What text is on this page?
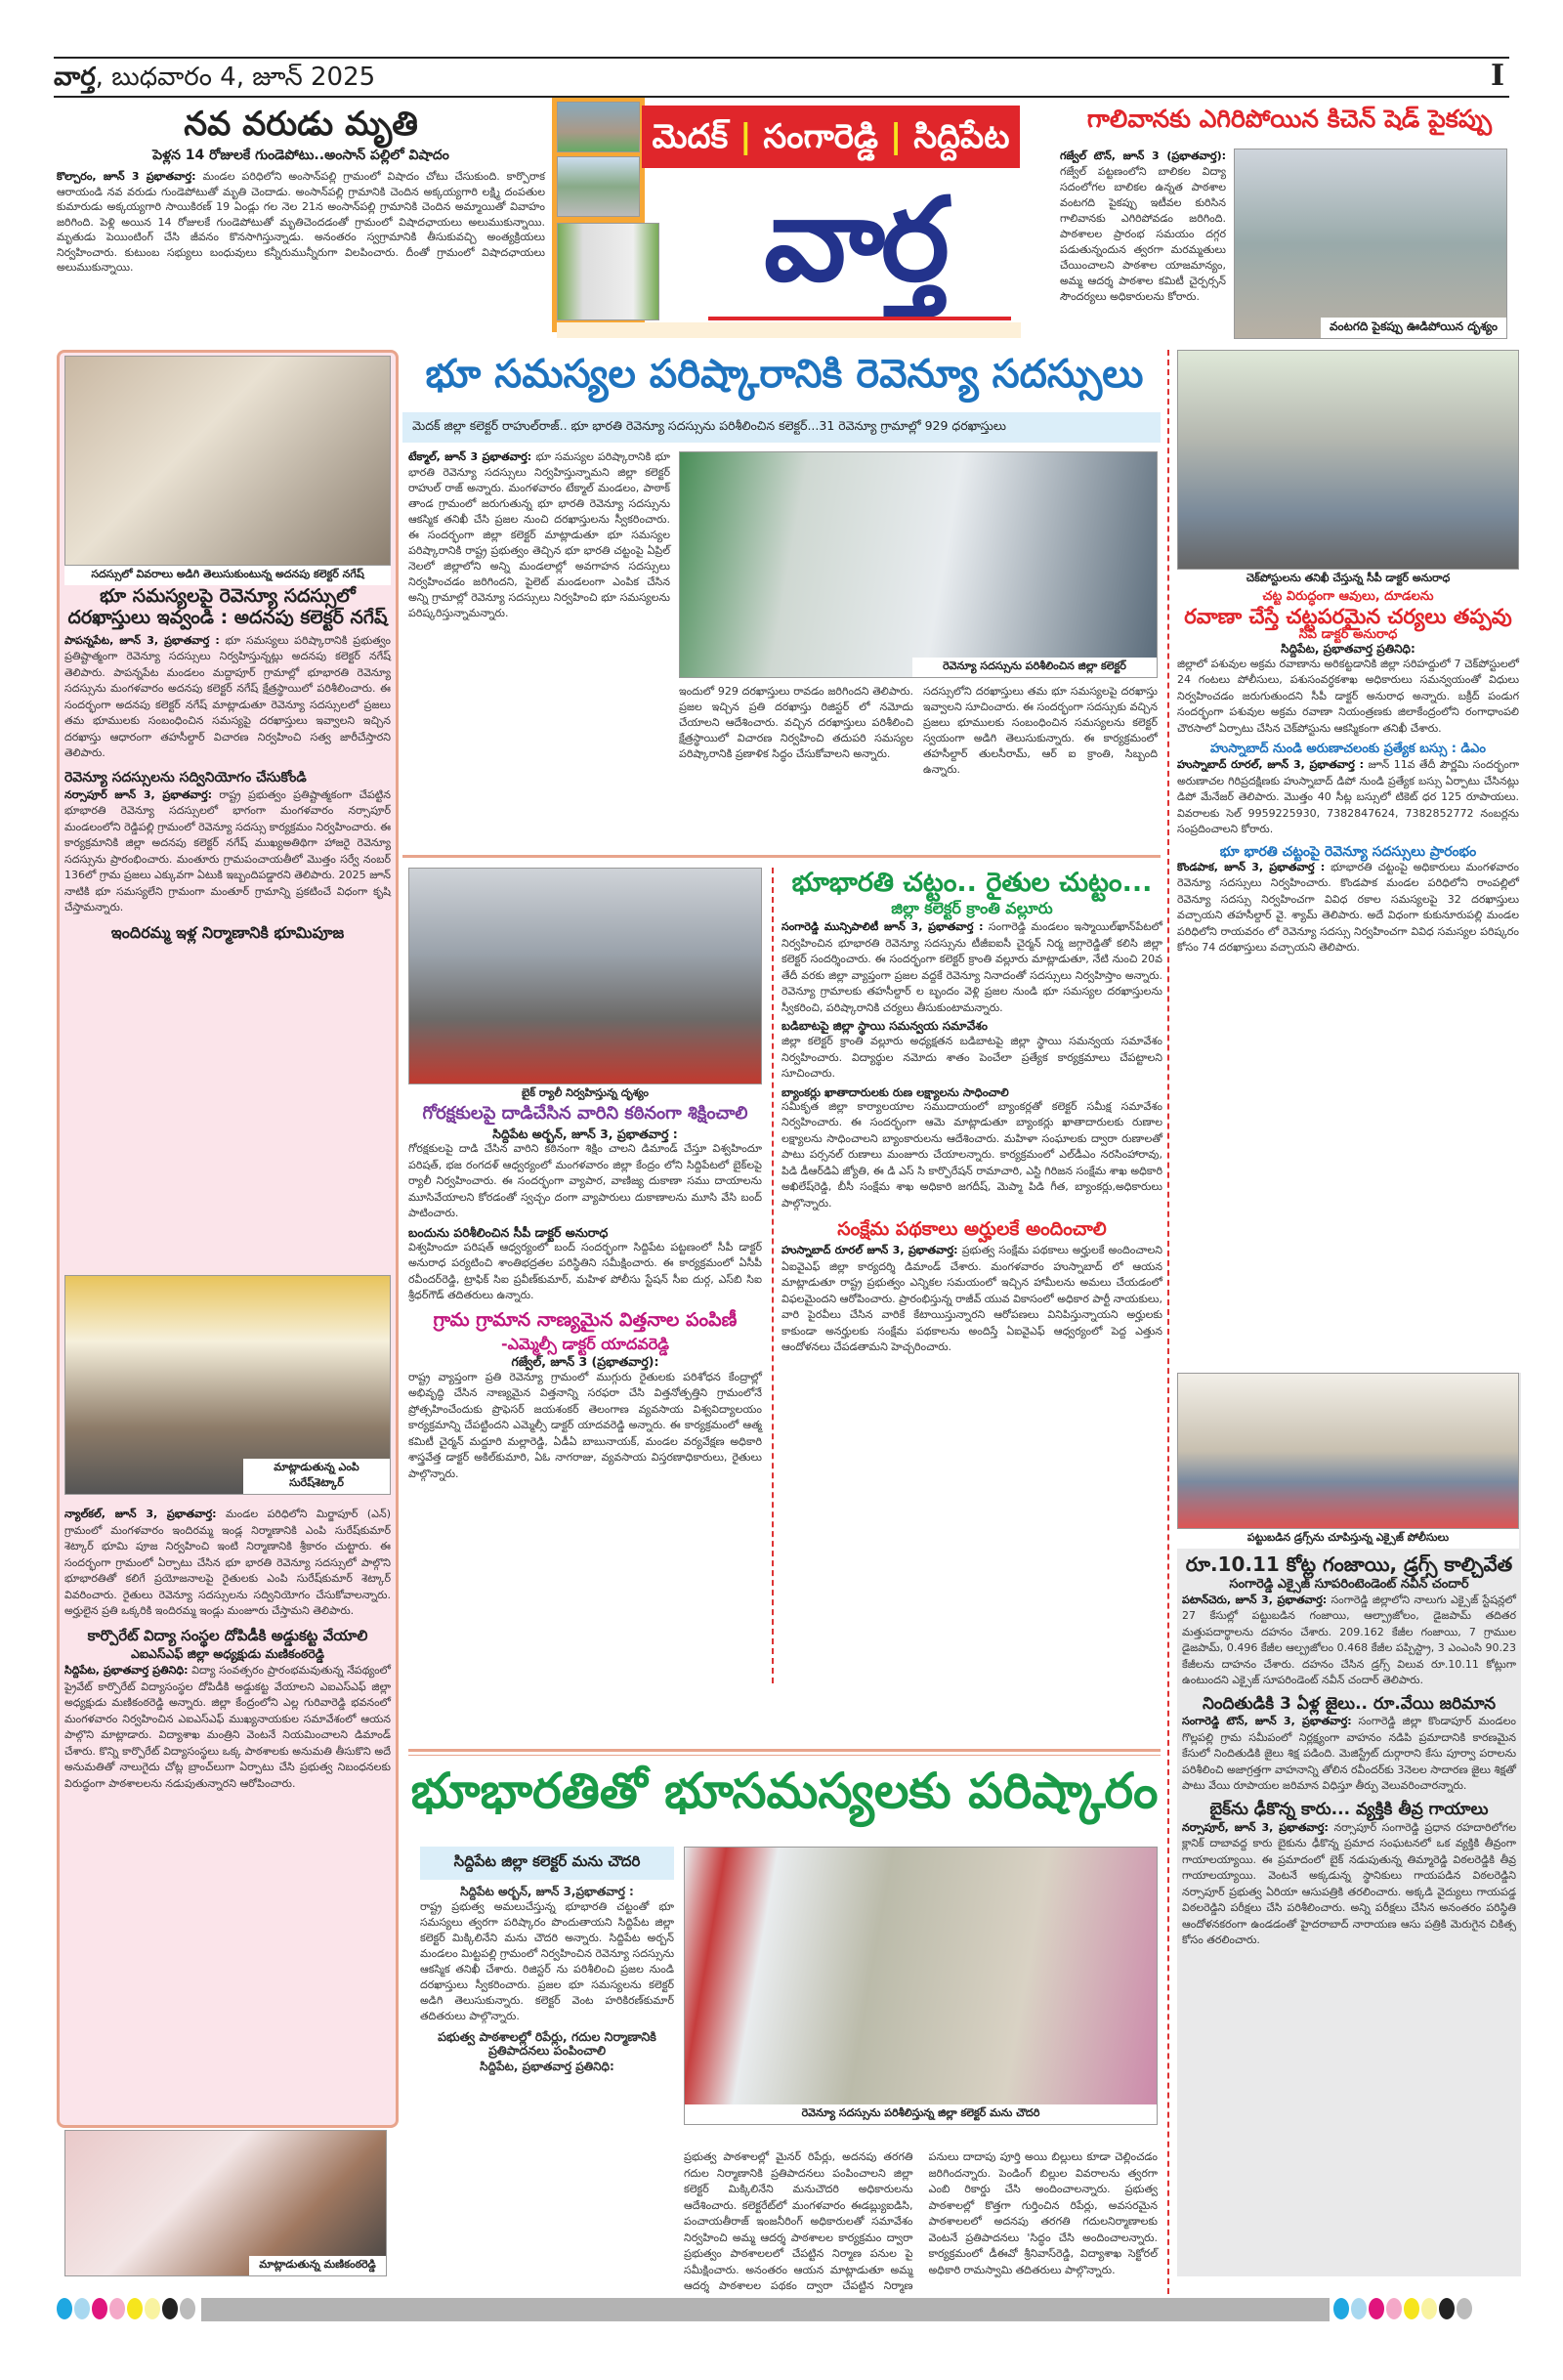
వార్త, బుధవారం 4, జూన్ 2025	I
నవ వరుడు మృతి
పెళ్లన 14 రోజులకే గుండెపోటు..అంసాన్ పల్లిలో విషాదం
కొల్చారం, జూన్ 3 ప్రభాతవార్త: మండల పరిధిలోని అంసాన్‌పల్లి గ్రామంలో విషాదం చోటు చేసుకుంది. కార్పొరాక ఆరాయండి నవ వరుడు గుండెపోటుతో మృతి చెందాడు. అంసాన్‌పల్లి గ్రామానికి చెందిన అక్కయ్యగారి లక్ష్మి దంపతుల కుమారుడు అక్కయ్యగారి సాయికిరణ్ 19 ఏండ్లు గల నెల 21న అంసాన్‌పల్లి గ్రామానికి చెందిన అమ్మాయితో వివాహం జరిగింది. పెళ్లి అయిన 14 రోజులకే గుండెపోటుతో మృతిచెందడంతో గ్రామంలో విషాదఛాయలు అలుముకున్నాయి. మృతుడు పెయింటింగ్ చేసి జీవనం కొనసాగిస్తున్నాడు. అనంతరం స్వగ్రామానికి తీసుకువచ్చి అంత్యక్రియలు నిర్వహించారు. కుటుంబ సభ్యులు బంధువులు కన్నీరుమున్నీరుగా విలపించారు. దీంతో గ్రామంలో విషాదఛాయలు అలుముకున్నాయి.
మెదక్ | సంగారెడ్డి | సిద్దిపేట
వార్త
గాలివానకు ఎగిరిపోయిన కిచెన్ షెడ్ పైకప్పు
గజ్వేల్ టౌన్, జూన్ 3 (ప్రభాతవార్త): గజ్వేల్ పట్టణంలోని బాలికల విద్యా సదంలోగల బాలికల ఉన్నత పాఠశాల వంటగది పైకప్పు ఇటీవల కురిసిన గాలివానకు ఎగిరిపోవడం జరిగింది. పాఠశాలల ప్రారంభ సమయం దగ్గర పడుతున్నందున త్వరగా మరమ్మతులు చేయించాలని పాఠశాల యాజమాన్యం, అమ్మ ఆదర్శ పాఠశాల కమిటీ చైర్పర్సన్ సౌందర్యలు అధికారులను కోరారు.
వంటగది పైకప్పు ఊడిపోయిన దృశ్యం
సదస్సులో వివరాలు అడిగి తెలుసుకుంటున్న అదనపు కలెక్టర్ నగేష్
భూ సమస్యలపై రెవెన్యూ సదస్సులో దరఖాస్తులు ఇవ్వండి : అదనపు కలెక్టర్ నగేష్
పాపన్నపేట, జూన్ 3, ప్రభాతవార్త : భూ సమస్యలు పరిష్కారానికి ప్రభుత్వం ప్రతిష్టాత్మంగా రెవెన్యూ సదస్సులు నిర్వహిస్తున్నట్లు అదనపు కలెక్టర్ నగేష్ తెలిపారు. పాపన్నపేట మండలం మద్దాపూర్ గ్రామాల్లో భూభారతి రెవెన్యూ సదస్సును మంగళవారం అదనపు కలెక్టర్ నగేష్ క్షేత్రస్థాయిలో పరిశీలించారు. ఈ సందర్భంగా అదనపు కలెక్టర్ నగేష్ మాట్లాడుతూ రెవెన్యూ సదస్సులలో ప్రజలు తమ భూములకు సంబంధించిన సమస్యపై దరఖాస్తులు ఇవ్వాలని ఇచ్చిన దరఖాస్తు ఆధారంగా తహసీల్దార్ విచారణ నిర్వహించి సత్వ జారీచేస్తారని తెలిపారు.
రెవెన్యూ సదస్సులను సద్వినియోగం చేసుకోండి
నర్సాపూర్ జూన్ 3, ప్రభాతవార్త: రాష్ట్ర ప్రభుత్వం ప్రతిష్టాత్మకంగా చేపట్టిన భూభారతి రెవెన్యూ సదస్సులలో భాగంగా మంగళవారం నర్సాపూర్ మండలంలోని రెడ్డిపల్లి గ్రామంలో రెవెన్యూ సదస్సు కార్యక్రమం నిర్వహించారు. ఈ కార్యక్రమానికి జిల్లా అదనపు కలెక్టర్ నగేష్ ముఖ్యఅతిథిగా హాజరై రెవెన్యూ సదస్సును ప్రారంభించారు. మంతూరు గ్రామపంచాయతీలో మొత్తం సర్వే నంబర్ 136లో గ్రామ ప్రజలు ఎక్కువగా ఏటుకి ఇబ్బందిపడ్డారని తెలిపారు. 2025 జూన్ నాటికి భూ సమస్యలేని గ్రామంగా మంతూర్ గ్రామాన్ని ప్రకటించే విధంగా కృషి చేస్తామన్నారు.
ఇందిరమ్మ ఇళ్ల నిర్మాణానికి భూమిపూజ
మాట్లాడుతున్న ఎంపి సురేష్‌శెట్కార్
న్యాల్‌కల్, జూన్ 3, ప్రభాతవార్త: మండల పరిధిలోని మిర్జాపూర్ (ఎన్) గ్రామంలో మంగళవారం ఇందిరమ్మ ఇండ్ల నిర్మాణానికి ఎంపి సురేష్‌కుమార్ శెట్కార్ భూమి పూజ నిర్వహించి ఇంటి నిర్మాణానికి శ్రీకారం చుట్టారు. ఈ సందర్భంగా గ్రామంలో ఏర్పాటు చేసిన భూ భారతి రెవెన్యూ సదస్సులో పాల్గొని భూభారతితో కలిగే ప్రయోజనాలపై రైతులకు ఎంపి సురేష్‌కుమార్ శెట్కార్ వివరించారు. రైతులు రెవెన్యూ సదస్సులను సద్వినియోగం చేసుకోవాలన్నారు. అర్హులైన ప్రతి ఒక్కరికి ఇందిరమ్మ ఇండ్లు మంజూరు చేస్తామని తెలిపారు.
కార్పొరేట్ విద్యా సంస్థల దోపిడీకి అడ్డుకట్ట వేయాలి
ఎఐఎస్ఎఫ్ జిల్లా అధ్యక్షుడు మణికంఠరెడ్డి
సిద్దిపేట, ప్రభాతవార్త ప్రతినిధి: విద్యా సంవత్సరం ప్రారంభమవుతున్న నేపథ్యంలో ప్రైవేట్ కార్పొరేట్ విద్యాసంస్థల దోపిడీకి అడ్డుకట్ట వేయాలని ఎఐఎస్ఎఫ్ జిల్లా అధ్యక్షుడు మణికంఠరెడ్డి అన్నారు. జిల్లా కేంద్రంలోని ఎల్ల గురివారెడ్డి భవనంలో మంగళవారం నిర్వహించిన ఎఐఎస్ఎఫ్ ముఖ్యనాయకుల సమావేశంలో ఆయన పాల్గొని మాట్లాడారు. విద్యాశాఖ మంత్రిని వెంటనే నియమించాలని డిమాండ్ చేశారు. కొన్ని కార్పొరేట్ విద్యాసంస్థలు ఒక్క పాఠశాలకు అనుమతి తీసుకొని అదే అనుమతితో నాలుగైదు చోట్ల బ్రాంచ్‌లుగా ఏర్పాటు చేసి ప్రభుత్వ నిబంధనలకు విరుద్ధంగా పాఠశాలలను నడుపుతున్నారని ఆరోపించారు.
మాట్లాడుతున్న మణికంఠరెడ్డి
భూ సమస్యల పరిష్కారానికి రెవెన్యూ సదస్సులు
మెదక్ జిల్లా కలెక్టర్ రాహుల్‌రాజ్.. భూ భారతి రెవెన్యూ సదస్సును పరిశీలించిన కలెక్టర్...31 రెవెన్యూ గ్రామాల్లో 929 ధరఖాస్తులు
టేక్మాల్, జూన్ 3 ప్రభాతవార్త: భూ సమస్యల పరిష్కారానికి భూ భారతి రెవెన్యూ సదస్సులు నిర్వహిస్తున్నామని జిల్లా కలెక్టర్ రాహుల్ రాజ్ అన్నారు. మంగళవారం టేక్మాల్ మండలం, పాఠాక్ తాండ గ్రామంలో జరుగుతున్న భూ భారతి రెవెన్యూ సదస్సును ఆకస్మిక తనిఖీ చేసి ప్రజల నుంచి దరఖాస్తులను స్వీకరించారు. ఈ సందర్భంగా జిల్లా కలెక్టర్ మాట్లాడుతూ భూ సమస్యల పరిష్కారానికి రాష్ట్ర ప్రభుత్వం తెచ్చిన భూ భారతి చట్టంపై ఏప్రిల్ నెలలో జిల్లాలోని అన్ని మండలాల్లో అవగాహన సదస్సులు నిర్వహించడం జరిగిందని, పైలెట్ మండలంగా ఎంపిక చేసిన అన్ని గ్రామాల్లో రెవెన్యూ సదస్సులు నిర్వహించి భూ సమస్యలను పరిష్కరిస్తున్నామన్నారు.
రెవెన్యూ సదస్సును పరిశీలించిన జిల్లా కలెక్టర్
ఇందులో 929 దరఖాస్తులు రావడం జరిగిందని తెలిపారు. ప్రజల ఇచ్చిన ప్రతి దరఖాస్తు రిజిస్టర్ లో నమోదు చేయాలని ఆదేశించారు. వచ్చిన దరఖాస్తులు పరిశీలించి క్షేత్రస్థాయిలో విచారణ నిర్వహించి తదుపరి సమస్యల పరిష్కారానికి ప్రణాళిక సిద్ధం చేసుకోవాలని అన్నారు.
సదస్సులోని దరఖాస్తులు తమ భూ సమస్యలపై దరఖాస్తు ఇవ్వాలని సూచించారు. ఈ సందర్భంగా సదస్సుకు వచ్చిన ప్రజలు భూములకు సంబంధించిన సమస్యలను కలెక్టర్ స్వయంగా అడిగి తెలుసుకున్నారు. ఈ కార్యక్రమంలో తహసీల్దార్ తులసీరామ్, ఆర్ ఐ క్రాంతి, సిబ్బంది ఉన్నారు.
బైక్ ర్యాలీ నిర్వహిస్తున్న దృశ్యం
గోరక్షకులపై దాడిచేసిన వారిని కఠినంగా శిక్షించాలి
సిద్దిపేట అర్బన్, జూన్ 3, ప్రభాతవార్త :
గోరక్షకులపై దాడి చేసిన వారిని కఠినంగా శిక్షిం చాలని డిమాండ్ చేస్తూ విశ్వహిందూ పరిషత్, భజ రంగదళ్ ఆధ్వర్యంలో మంగళవారం జిల్లా కేంద్రం లోని సిద్దిపేటలో బైక్‌లపై ర్యాలీ నిర్వహించారు. ఈ సందర్భంగా వ్యాపార, వాణిజ్య దుకాణా సము దాయాలను మూసివేయాలని కోరడంతో స్వచ్చం దంగా వ్యాపారులు దుకాణాలను మూసి వేసి బంద్ పాటించారు.
బందును పరిశీలించిన సీపీ డాక్టర్ అనురాధ
విశ్వహిందూ పరిషత్ ఆధ్వర్యంలో బంద్ సందర్భంగా సిద్దిపేట పట్టణంలో సీపీ డాక్టర్ అనురాధ పర్యటించి శాంతిభద్రతల పరిస్థితిని సమీక్షించారు. ఈ కార్యక్రమంలో ఏసీపీ రవీందర్‌రెడ్డి, ట్రాఫిక్ సిఐ ప్రవీణ్‌కుమార్, మహిళ పోలీసు స్టేషన్ సీఐ దుర్గ, ఎస్‌బి సిఐ శ్రీధర్‌గౌడ్ తదితరులు ఉన్నారు.
గ్రామ గ్రామాన నాణ్యమైన విత్తనాల పంపిణీ
-ఎమ్మెల్సీ డాక్టర్ యాదవరెడ్డి
గజ్వేల్, జూన్ 3 (ప్రభాతవార్త):
రాష్ట్ర వ్యాప్తంగా ప్రతి రెవెన్యూ గ్రామంలో ముగ్గురు రైతులకు పరిశోధన కేంద్రాల్లో అభివృద్ధి చేసిన నాణ్యమైన విత్తనాన్ని సరఫరా చేసి విత్తనోత్పత్తిని గ్రామంలోనే ప్రోత్సహించేందుకు ప్రొఫెసర్ జయశంకర్ తెలంగాణ వ్యవసాయ విశ్వవిద్యాలయం కార్యక్రమాన్ని చేపట్టిందని ఎమ్మెల్సీ డాక్టర్ యాదవరెడ్డి అన్నారు. ఈ కార్యక్రమంలో ఆత్మ కమిటీ చైర్మన్ మద్దూరి మల్లారెడ్డి, ఏడీఏ బాబునాయక్, మండల వర్యవేక్షణ అధికారి శాస్త్రవేత్త డాక్టర్ అకిల్‌కుమారి, ఏఓ నాగరాజు, వ్యవసాయ విస్తరణాధికారులు, రైతులు పాల్గొన్నారు.
భూభారతి చట్టం.. రైతుల చుట్టం...
జిల్లా కలెక్టర్ క్రాంతి వల్లూరు
సంగారెడ్డి మున్సిపాలిటీ జూన్ 3, ప్రభాతవార్త : సంగారెడ్డి మండలం ఇస్మాయిల్‌ఖాన్‌పేటలో నిర్వహించిన భూభారతి రెవెన్యూ సదస్సును టీజీఐఐసీ చైర్మన్ నిర్మ జగ్గారెడ్డితో కలిసి జిల్లా కలెక్టర్ సందర్శించారు. ఈ సందర్భంగా కలెక్టర్ క్రాంతి వల్లూరు మాట్లాడుతూ, నేటి నుంచి 20వ తేదీ వరకు జిల్లా వ్యాప్తంగా ప్రజల వద్దకే రెవెన్యూ నినాదంతో సదస్సులు నిర్వహిస్తాం అన్నారు. రెవెన్యూ గ్రామాలకు తహసీల్దార్ ల బృందం వెళ్లి ప్రజల నుండి భూ సమస్యల దరఖాస్తులను స్వీకరించి, పరిష్కారానికి చర్యలు తీసుకుంటామన్నారు.
బడిబాటపై జిల్లా స్థాయి సమన్వయ సమావేశం
జిల్లా కలెక్టర్ క్రాంతి వల్లూరు అధ్యక్షతన బడిబాటపై జిల్లా స్థాయి సమన్వయ సమావేశం నిర్వహించారు. విద్యార్థుల నమోదు శాతం పెంచేలా ప్రత్యేక కార్యక్రమాలు చేపట్టాలని సూచించారు.
బ్యాంకర్లు ఖాతాదారులకు రుణ లక్ష్యాలను సాధించాలి
సమీకృత జిల్లా కార్యాలయాల సముదాయంలో బ్యాంకర్లతో కలెక్టర్ సమీక్ష సమావేశం నిర్వహించారు. ఈ సందర్భంగా ఆమె మాట్లాడుతూ బ్యాంకర్లు ఖాతాదారులకు రుణాల లక్ష్యాలను సాధించాలని బ్యాంకారులను ఆదేశించారు. మహిళా సంఘాలకు ద్వారా రుణాలతో పాటు పర్సనల్ రుణాలు మంజూరు చేయాలన్నారు. కార్యక్రమంలో ఎల్‌డీఎం నరసింహారావు, పిడి డీఆర్‌డిఏ జ్యోతి, ఈ డి ఎస్ సి కార్పొరేషన్ రామాచారి, ఎస్టి గిరిజన సంక్షేమ శాఖ అధికారి అఖిలేష్‌రెడ్డి, బీసీ సంక్షేమ శాఖ అధికారి జగదీష్, మెప్మా పిడి గీత, బ్యాంకర్లు,అధికారులు పాల్గొన్నారు.
సంక్షేమ పథకాలు అర్హులకే అందించాలి
హుస్నాబాద్ రూరల్ జూన్ 3, ప్రభాతవార్త: ప్రభుత్వ సంక్షేమ పథకాలు అర్హులకే అందించాలని ఏఐవైఎఫ్ జిల్లా కార్యదర్శి డిమాండ్ చేశారు. మంగళవారం హుస్నాబాద్ లో ఆయన మాట్లాడుతూ రాష్ట్ర ప్రభుత్వం ఎన్నికల సమయంలో ఇచ్చిన హామీలను అమలు చేయడంలో విఫలమైందని ఆరోపించారు. ప్రారంభిస్తున్న రాజీవ్ యువ వికాసంలో అధికార పార్టీ నాయకులు, వారి పైరవీలు చేసిన వారికే కేటాయిస్తున్నారని ఆరోపణలు వినిపిస్తున్నాయని అర్హులకు కాకుండా అనర్హులకు సంక్షేమ పథకాలను అందిస్తే ఏఐవైఎఫ్ ఆధ్వర్యంలో పెద్ద ఎత్తున ఆందోళనలు చేపడతామని హెచ్చరించారు.
భూభారతితో భూసమస్యలకు పరిష్కారం
సిద్దిపేట జిల్లా కలెక్టర్ మను చౌదరి
సిద్దిపేట అర్బన్, జూన్ 3,ప్రభాతవార్త :
రాష్ట్ర ప్రభుత్వ అమలుచేస్తున్న భూభారతి చట్టంతో భూ సమస్యలు త్వరగా పరిష్కారం పొందుతాయని సిద్దిపేట జిల్లా కలెక్టర్ మిక్కిలినేని మను చౌదరి అన్నారు. సిద్దిపేట అర్బన్ మండలం మిట్టపల్లి గ్రామంలో నిర్వహించిన రెవెన్యూ సదస్సును ఆకస్మిక తనిఖీ చేశారు. రిజిస్టర్ ను పరిశీలించి ప్రజల నుండి దరఖాస్తులు స్వీకరించారు. ప్రజల భూ సమస్యలను కలెక్టర్ అడిగి తెలుసుకున్నారు. కలెక్టర్ వెంట హరికిరణ్‌కుమార్ తదితరులు పాల్గొన్నారు.
పభుత్వ పాఠశాలల్లో రిపేర్లు, గదుల నిర్మాణానికి ప్రతిపాదనలు పంపించాలి
సిద్దిపేట, ప్రభాతవార్త ప్రతినిధి:
రెవెన్యూ సదస్సును పరిశీలిస్తున్న జిల్లా కలెక్టర్ మను చౌదరి
ప్రభుత్వ పాఠశాలల్లో మైనర్ రిపేర్లు, అదనపు తరగతి గదుల నిర్మాణానికి ప్రతిపాదనలు పంపించాలని జిల్లా కలెక్టర్ మిక్కిలినేని మనుచౌదరి అధికారులను ఆదేశించారు. కలెక్టరేట్‌లో మంగళవారం ఈడబ్ల్యుఐడిసి, పంచాయతీరాజ్ ఇంజనీరింగ్ అధికారులతో సమావేశం నిర్వహించి అమ్మ ఆదర్శ పాఠశాలల కార్యక్రమం ద్వారా ప్రభుత్వం పాఠశాలలలో చేపట్టిన నిర్మాణ పనుల పై సమీక్షించారు. అనంతరం ఆయన మాట్లాడుతూ అమ్మ ఆదర్శ పాఠశాలల పథకం ద్వారా చేపట్టిన నిర్మాణ పనులు దాదాపు పూర్తి అయి బిల్లులు కూడా చెల్లించడం జరిగిందన్నారు. పెండింగ్ బిల్లుల వివరాలను త్వరగా ఎంబి రికార్డు చేసి అందించాలన్నారు. ప్రభుత్వ పాఠశాలల్లో కొత్తగా గుర్తించిన రిపేర్లు, అవసరమైన పాఠశాలలలో అదనపు తరగతి గదులనిర్మాణాలకు వెంటనే ప్రతిపాదనలు 'సిద్ధం చేసి అందించాలన్నారు. కార్యక్రమంలో డీఈవో శ్రీనివాస్‌రెడ్డి, విద్యాశాఖ సెక్టోరల్ అధికారి రామస్వామి తదితరులు పాల్గొన్నారు.
చెక్‌పోస్టులను తనిఖీ చేస్తున్న సీపీ డాక్టర్ అనురాధ
చట్ట విరుద్ధంగా ఆవులు, దూడలను
రవాణా చేస్తే చట్టపరమైన చర్యలు తప్పవు
సిపి డాక్టర్ అనురాధ
సిద్దిపేట, ప్రభాతవార్త ప్రతినిధి:
జిల్లాలో పశువుల అక్రమ రవాణాను అరికట్టడానికి జిల్లా సరిహద్దులో 7 చెక్‌పోస్టులలో 24 గంటలు పోలీసులు, పశుసంవర్ధకశాఖ అధికారులు సమన్వయంతో విధులు నిర్వహించడం జరుగుతుందని సీపీ డాక్టర్ అనురాధ అన్నారు. బక్రీద్ పండుగ సందర్భంగా పశువుల అక్రమ రవాణా నియంత్రణకు జిలాకేంద్రంలోని రంగాధాంపలి చౌరసాలో ఏర్పాటు చేసిన చెక్‌పోస్టును ఆకస్మికంగా తనిఖీ చేశారు.
హుస్నాబాద్ నుండి అరుణాచలంకు ప్రత్యేక బస్సు : డిఎం
హుస్నాబాద్ రూరల్, జూన్ 3, ప్రభాతవార్త : జూన్ 11వ తేదీ పౌర్ణమి సందర్భంగా అరుణాచల గిరిప్రదక్షిణకు హుస్నాబాద్ డిపో నుండి ప్రత్యేక బస్సు ఏర్పాటు చేసినట్లు డిపో మేనేజర్ తెలిపారు. మొత్తం 40 సీట్ల బస్సులో టికెట్ ధర 125 రూపాయలు. వివరాలకు సెల్ 9959225930, 7382847624, 7382852772 నంబర్లను సంప్రదించాలని కోరారు.
భూ భారతి చట్టంపై రెవెన్యూ సదస్సులు ప్రారంభం
కొండపాక, జూన్ 3, ప్రభాతవార్త : భూభారతి చట్టంపై అధికారులు మంగళవారం రెవెన్యూ సదస్సులు నిర్వహించారు. కొండపాక మండల పరిధిలోని రాంపల్లిలో రెవెన్యూ సదస్సు నిర్వహించగా వివిధ రకాల సమస్యలపై 32 దరఖాస్తులు వచ్చాయని తహసీల్దార్ వై. శ్యామ్ తెలిపారు. అదే విధంగా కుకునూరుపల్లి మండల పరిధిలోని రాయవరం లో రెవెన్యూ సదస్సు నిర్వహించగా వివిధ సమస్యల పరిష్కరం కోసం 74 దరఖాస్తులు వచ్చాయని తెలిపారు.
పట్టుబడిన డ్రగ్స్‌ను చూపిస్తున్న ఎక్సైజ్ పోలీసులు
రూ.10.11 కోట్ల గంజాయి, డ్రగ్స్ కాల్చివేత
సంగారెడ్డి ఎక్సైజ్ సూపరింటెండెంట్ నవీన్ చందార్
పటాన్‌చెరు, జూన్ 3, ప్రభాతవార్త: సంగారెడ్డి జిల్లాలోని నాలుగు ఎక్సైజ్ స్టేషన్లలో 27 కేసుల్లో పట్టుబడిన గంజాయి, ఆల్ప్రాజోలం, డైజపామ్ తదితర మత్తుపదార్థాలను దహనం చేశారు. 209.162 కేజీల గంజాయి, 7 గ్రాముల డైజపామ్, 0.496 కేజీల ఆల్ప్రజోలం 0.468 కేజీల పప్పిస్ట్రా, 3 ఎంఎంసి 90.23 కేజీలను దాహనం చేశారు. దహనం చేసిన డ్రగ్స్ విలువ రూ.10.11 కోట్లుగా ఉంటుందని ఎక్సైజ్ సూపరిండెంట్ నవీన్ చందార్ తెలిపారు.
నిందితుడికి 3 ఏళ్ల జైలు.. రూ.వేయి జరిమాన
సంగారెడ్డి టౌన్, జూన్ 3, ప్రభాతవార్త: సంగారెడ్డి జిల్లా కొండాపూర్ మండలం గొల్లపల్లి గ్రామ సమీపంలో నిర్లక్ష్యంగా వాహనం నడిపి ప్రమాదానికి కారణమైన కేసులో నిందితుడికి జైలు శిక్ష పడింది. మెజిస్ట్రేట్ దుర్గారాని కేసు పూర్వా పరాలను పరిశీలించి అజాగ్రత్తగా వాహనాన్ని తోలిన రవీందర్‌కు 3నెలల సాదారణ జైలు శిక్షతో పాటు వేయి రూపాయల జరిమాన విధిస్తూ తీర్పు వెలువరించారన్నారు.
బైక్‌ను ఢీకొన్న కారు... వ్యక్తికి తీవ్ర గాయాలు
నర్సాపూర్, జూన్ 3, ప్రభాతవార్త: నర్సాపూర్ సంగారెడ్డి ప్రధాన రహదారిలోగల క్లానిక్ దాబావద్ద కారు బైకును ఢీకొన్న ప్రమాద సంఘటనలో ఒక వ్యక్తికి తీవ్రంగా గాయాలయ్యాయి. ఈ ప్రమాదంలో బైక్ నడుపుతున్న తిమ్మారెడ్డి విఠలరెడ్డికి తీవ్ర గాయాలయ్యాయి. వెంటనే అక్కడున్న స్థానికులు గాయపడిన విఠలరెడ్డిని నర్సాపూర్ ప్రభుత్వ ఏరియా ఆసుపత్రికి తరలించారు. అక్కడి వైద్యులు గాయపడ్డ విఠలరెడ్డిని పరీక్షలు చేసి పరిశీలించారు. అన్ని పరీక్షలు చేసిన అనంతరం పరిస్థితి ఆందోళనకరంగా ఉండడంతో హైదరాబాద్ నారాయణ ఆసు పత్రికి మెరుగైన చికిత్స కోసం తరలించారు.
